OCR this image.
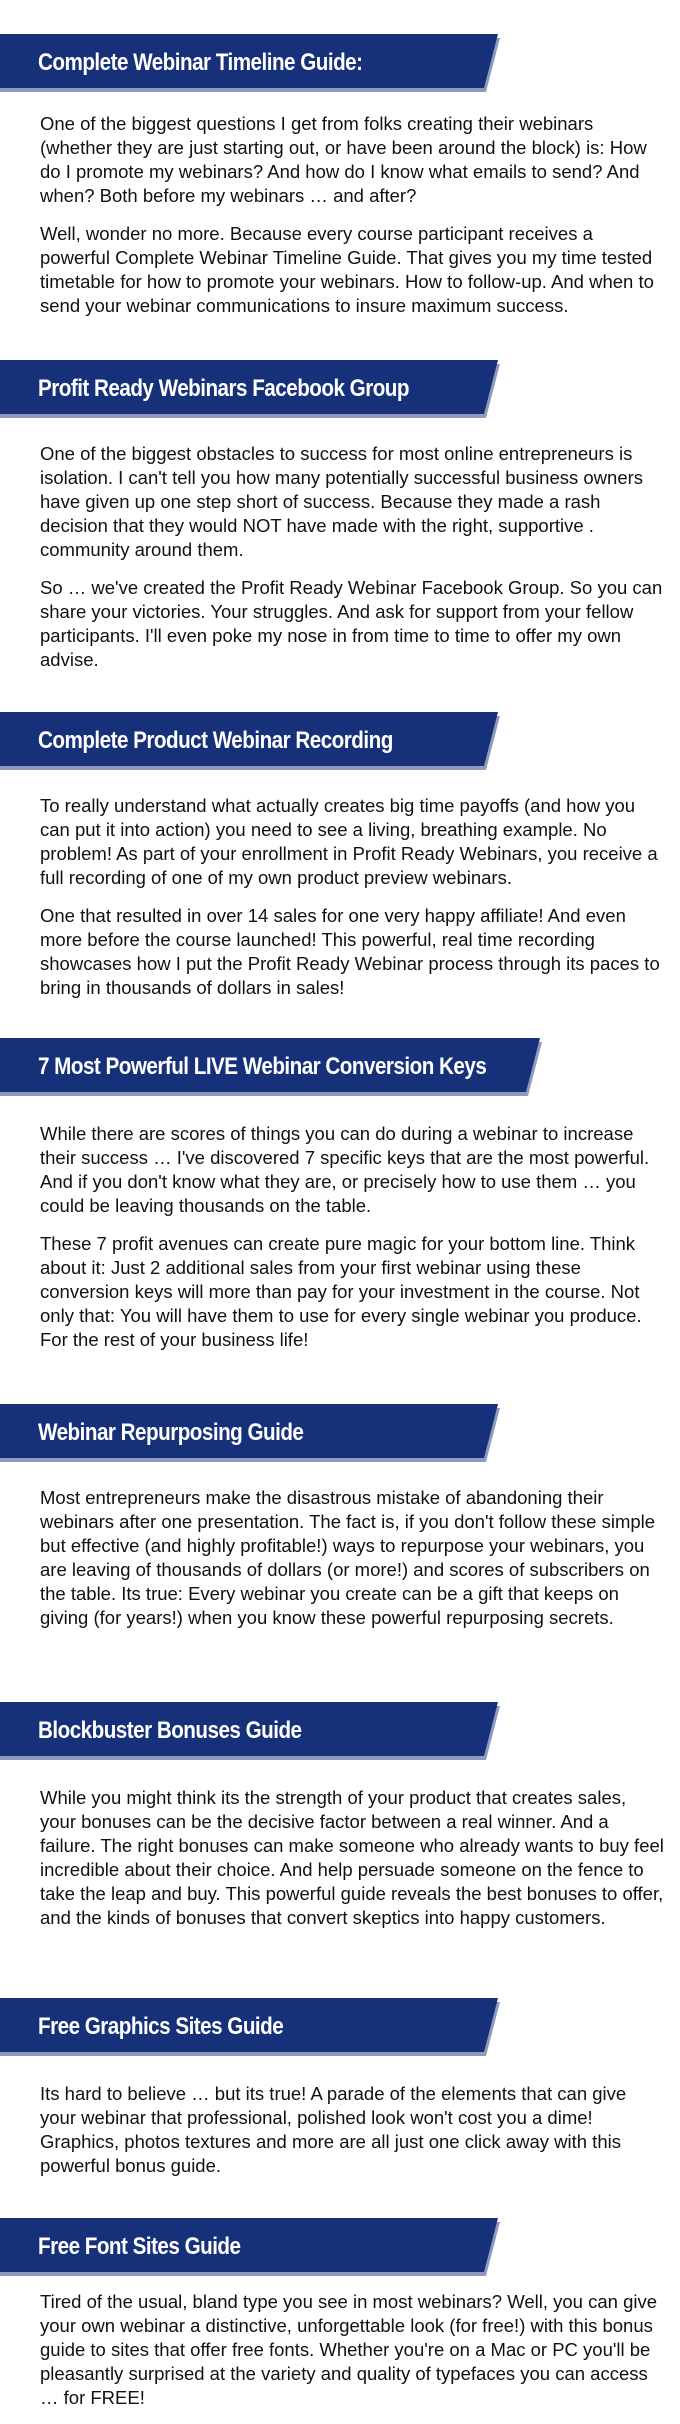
Complete Webinar Timeline Guide:

One of the biggest questions I get from folks creating their webinars (whether they are just starting out, or have been around the block) is: How do I promote my webinars? And how do I know what emails to send? And when? Both before my webinars … and after?

Well, wonder no more. Because every course participant receives a powerful Complete Webinar Timeline Guide. That gives you my time tested timetable for how to promote your webinars. How to follow-up. And when to send your webinar communications to insure maximum success.

Profit Ready Webinars Facebook Group

One of the biggest obstacles to success for most online entrepreneurs is isolation. I can't tell you how many potentially successful business owners have given up one step short of success. Because they made a rash decision that they would NOT have made with the right, supportive . community around them.

So … we've created the Profit Ready Webinar Facebook Group. So you can share your victories. Your struggles. And ask for support from your fellow participants. I'll even poke my nose in from time to time to offer my own advise.

Complete Product Webinar Recording

To really understand what actually creates big time payoffs (and how you can put it into action) you need to see a living, breathing example. No problem! As part of your enrollment in Profit Ready Webinars, you receive a full recording of one of my own product preview webinars.

One that resulted in over 14 sales for one very happy affiliate! And even more before the course launched! This powerful, real time recording showcases how I put the Profit Ready Webinar process through its paces to bring in thousands of dollars in sales!

7 Most Powerful LIVE Webinar Conversion Keys

While there are scores of things you can do during a webinar to increase their success … I've discovered 7 specific keys that are the most powerful. And if you don't know what they are, or precisely how to use them … you could be leaving thousands on the table.

These 7 profit avenues can create pure magic for your bottom line. Think about it: Just 2 additional sales from your first webinar using these conversion keys will more than pay for your investment in the course. Not only that: You will have them to use for every single webinar you produce. For the rest of your business life!

Webinar Repurposing Guide

Most entrepreneurs make the disastrous mistake of abandoning their webinars after one presentation. The fact is, if you don't follow these simple but effective (and highly profitable!) ways to repurpose your webinars, you are leaving of thousands of dollars (or more!) and scores of subscribers on the table. Its true: Every webinar you create can be a gift that keeps on giving (for years!) when you know these powerful repurposing secrets.

Blockbuster Bonuses Guide

While you might think its the strength of your product that creates sales, your bonuses can be the decisive factor between a real winner. And a failure. The right bonuses can make someone who already wants to buy feel incredible about their choice. And help persuade someone on the fence to take the leap and buy. This powerful guide reveals the best bonuses to offer, and the kinds of bonuses that convert skeptics into happy customers.

Free Graphics Sites Guide

Its hard to believe … but its true! A parade of the elements that can give your webinar that professional, polished look won't cost you a dime! Graphics, photos textures and more are all just one click away with this powerful bonus guide.

Free Font Sites Guide

Tired of the usual, bland type you see in most webinars? Well, you can give your own webinar a distinctive, unforgettable look (for free!) with this bonus guide to sites that offer free fonts. Whether you're on a Mac or PC you'll be pleasantly surprised at the variety and quality of typefaces you can access … for FREE!
